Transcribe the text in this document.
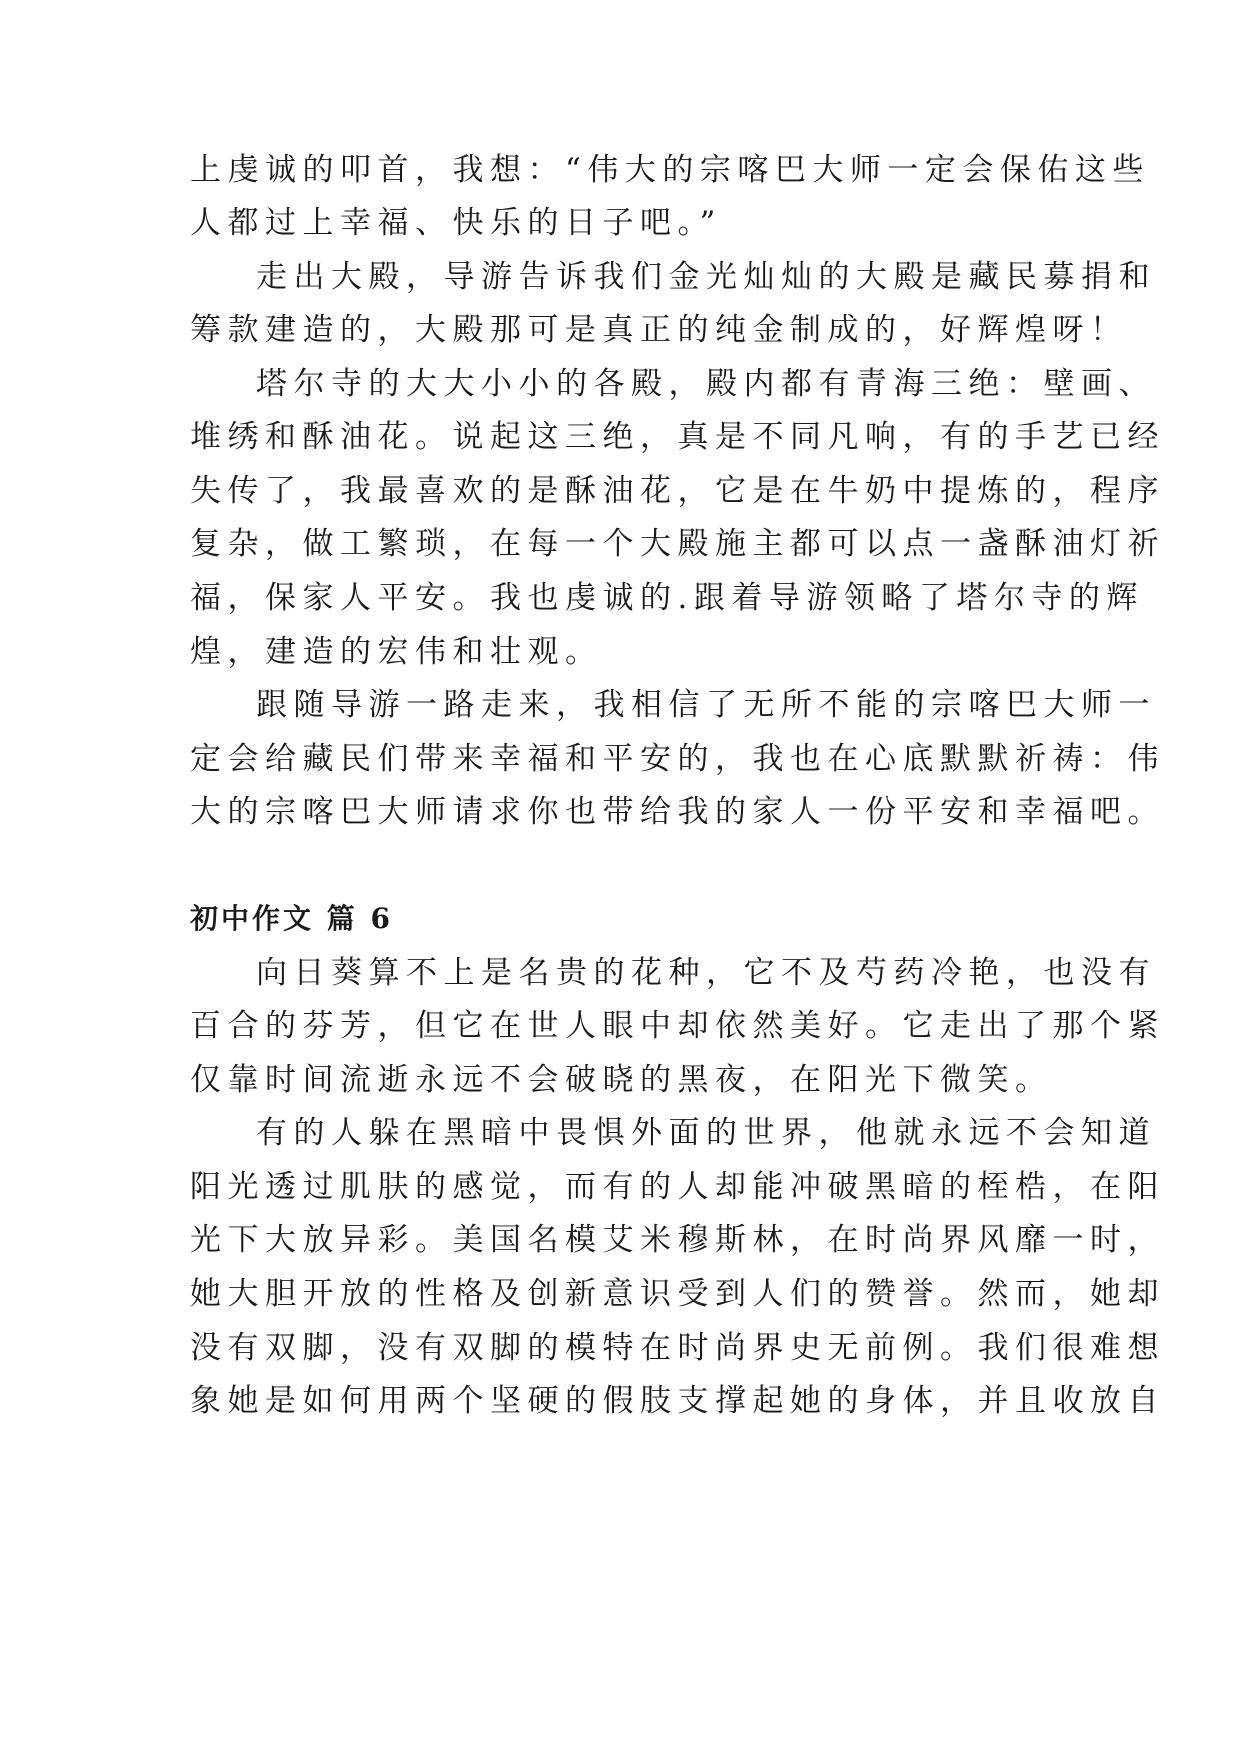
上虔诚的叩首，我想：“伟大的宗喀巴大师一定会保佑这些

人都过上幸福、快乐的日子吧。”

走出大殿，导游告诉我们金光灿灿的大殿是藏民募捐和

筹款建造的，大殿那可是真正的纯金制成的，好辉煌呀！

塔尔寺的大大小小的各殿，殿内都有青海三绝：壁画、

堆绣和酥油花。说起这三绝，真是不同凡响，有的手艺已经

失传了，我最喜欢的是酥油花，它是在牛奶中提炼的，程序

复杂，做工繁琐，在每一个大殿施主都可以点一盏酥油灯祈

福，保家人平安。我也虔诚的.跟着导游领略了塔尔寺的辉

煌，建造的宏伟和壮观。

跟随导游一路走来，我相信了无所不能的宗喀巴大师一

定会给藏民们带来幸福和平安的，我也在心底默默祈祷：伟

大的宗喀巴大师请求你也带给我的家人一份平安和幸福吧。

初中作文 篇 6

向日葵算不上是名贵的花种，它不及芍药冷艳，也没有

百合的芬芳，但它在世人眼中却依然美好。它走出了那个紧

仅靠时间流逝永远不会破晓的黑夜，在阳光下微笑。

有的人躲在黑暗中畏惧外面的世界，他就永远不会知道

阳光透过肌肤的感觉，而有的人却能冲破黑暗的桎梏，在阳

光下大放异彩。美国名模艾米穆斯林，在时尚界风靡一时，

她大胆开放的性格及创新意识受到人们的赞誉。然而，她却

没有双脚，没有双脚的模特在时尚界史无前例。我们很难想

象她是如何用两个坚硬的假肢支撑起她的身体，并且收放自
